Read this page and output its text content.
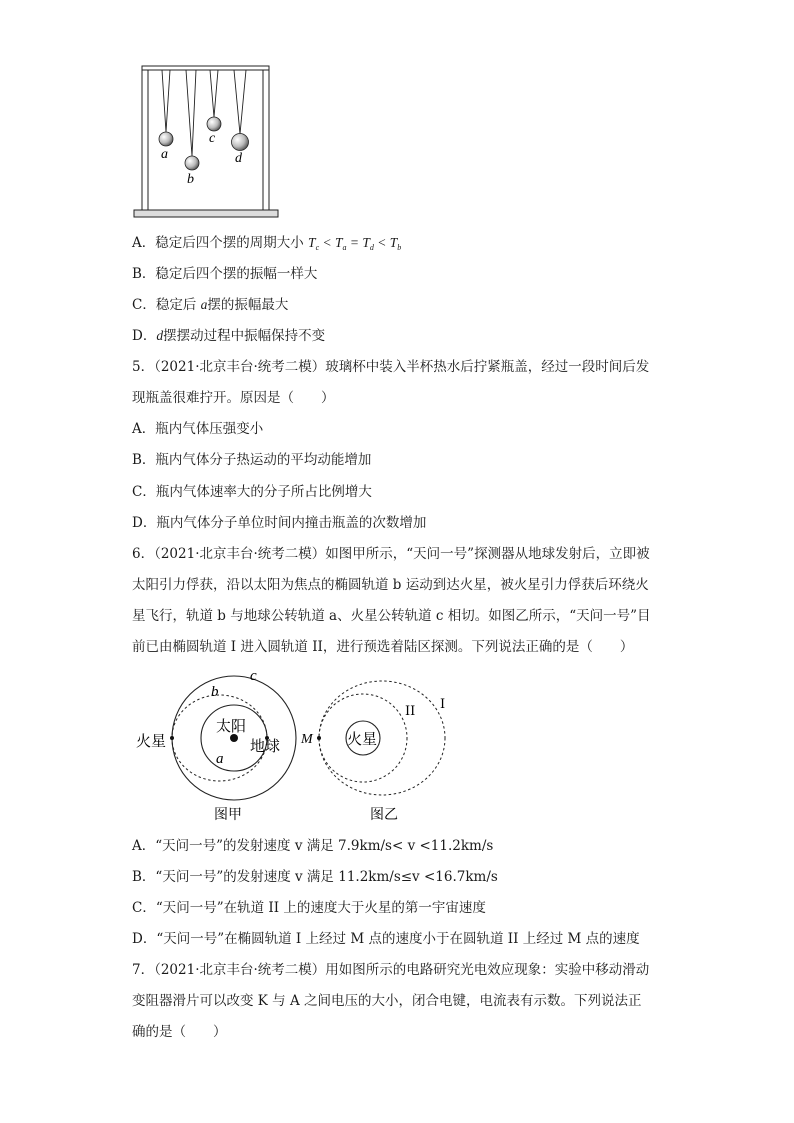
a
b
c
d
A．稳定后四个摆的周期大小 $T_c < T_a = T_d < T_b$
B．稳定后四个摆的振幅一样大
C．稳定后 a摆的振幅最大
D．d摆摆动过程中振幅保持不变
5．（2021·北京丰台·统考二模）玻璃杯中装入半杯热水后拧紧瓶盖，经过一段时间后发
现瓶盖很难拧开。原因是（　　）
A．瓶内气体压强变小
B．瓶内气体分子热运动的平均动能增加
C．瓶内气体速率大的分子所占比例增大
D．瓶内气体分子单位时间内撞击瓶盖的次数增加
6．（2021·北京丰台·统考二模）如图甲所示，“天问一号”探测器从地球发射后，立即被
太阳引力俘获，沿以太阳为焦点的椭圆轨道 b 运动到达火星，被火星引力俘获后环绕火
星飞行，轨道 b 与地球公转轨道 a、火星公转轨道 c 相切。如图乙所示，“天问一号”目
前已由椭圆轨道 I 进入圆轨道 II，进行预选着陆区探测。下列说法正确的是（　　）
火星
太阳
地球
a
b
c
图甲
火星
M
II I
图乙
A．“天问一号”的发射速度 v 满足 7.9km/s< v <11.2km/s
B．“天问一号”的发射速度 v 满足 11.2km/s≤v <16.7km/s
C．“天问一号”在轨道 II 上的速度大于火星的第一宇宙速度
D．“天问一号”在椭圆轨道 I 上经过 M 点的速度小于在圆轨道 II 上经过 M 点的速度
7．（2021·北京丰台·统考二模）用如图所示的电路研究光电效应现象：实验中移动滑动
变阻器滑片可以改变 K 与 A 之间电压的大小，闭合电键，电流表有示数。下列说法正
确的是（　　）
